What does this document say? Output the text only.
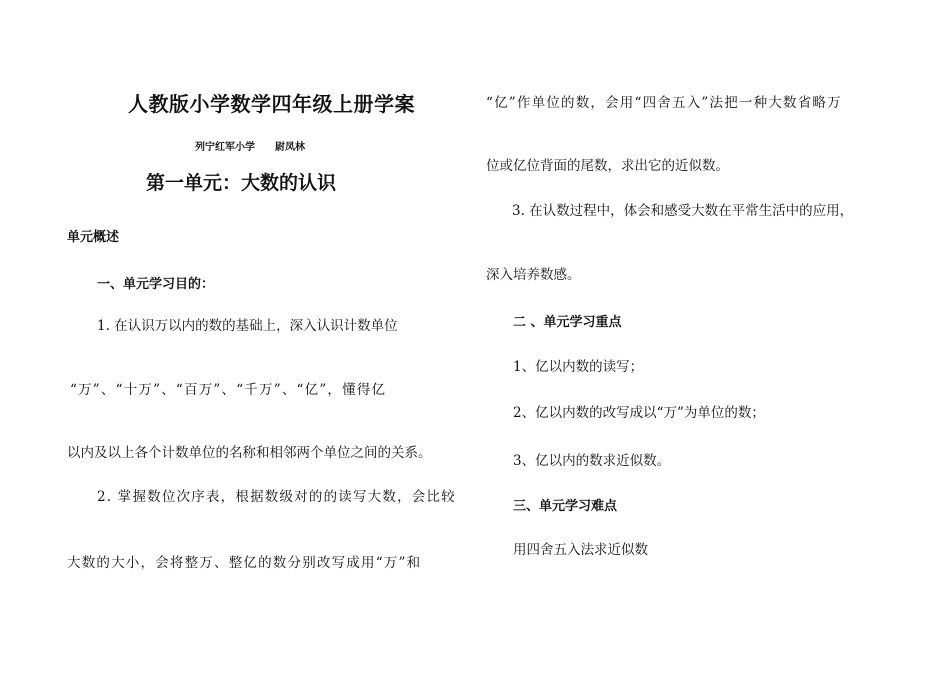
人教版小学数学四年级上册学案
列宁红军小学　　尉凤林
第一单元：大数的认识
单元概述
一、单元学习目的：
1. 在认识万以内的数的基础上，深入认识计数单位
“万”、“十万”、“百万”、“千万”、“亿”，懂得亿
以内及以上各个计数单位的名称和相邻两个单位之间的关系。
2. 掌握数位次序表，根据数级对的的读写大数，会比较
大数的大小，会将整万、整亿的数分别改写成用“万”和
“亿”作单位的数，会用“四舍五入”法把一种大数省略万
位或亿位背面的尾数，求出它的近似数。
3. 在认数过程中，体会和感受大数在平常生活中的应用，
深入培养数感。
二 、单元学习重点
1、亿以内数的读写；
2、亿以内数的改写成以“万”为单位的数；
3、亿以内的数求近似数。
三、单元学习难点
用四舍五入法求近似数
